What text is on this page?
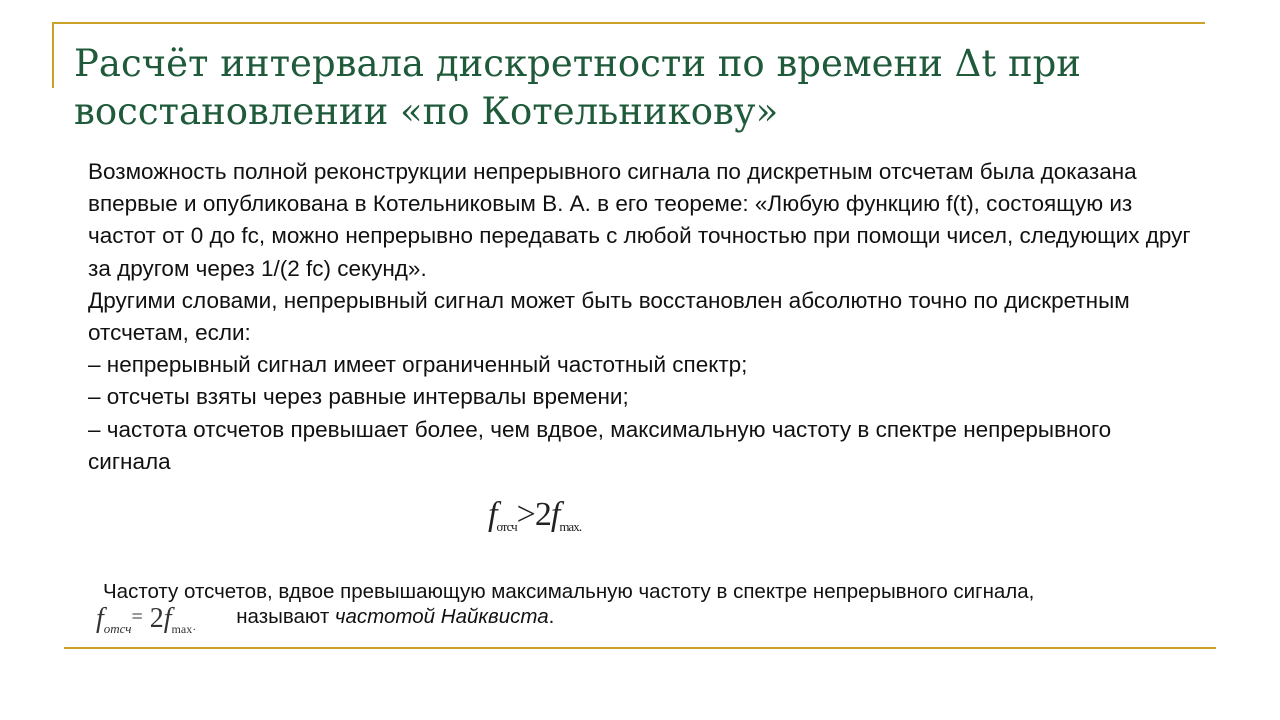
Расчёт интервала дискретности по времени Δt при восстановлении «по Котельникову»

Возможность полной реконструкции непрерывного сигнала по дискретным отсчетам была доказана впервые и опубликована в Котельниковым В. А. в его теореме: «Любую функцию f(t), состоящую из частот от 0 до fc, можно непрерывно передавать с любой точностью при помощи чисел, следующих друг за другом через 1/(2 fc) секунд».

Другими словами, непрерывный сигнал может быть восстановлен абсолютно точно по дискретным отсчетам, если:

– непрерывный сигнал имеет ограниченный частотный спектр;

– отсчеты взяты через равные интервалы времени;

– частота отсчетов превышает более, чем вдвое, максимальную частоту в спектре непрерывного сигнала

$f_{отсч}>2f_{max}$.
Частоту отсчетов, вдвое превышающую максимальную частоту в спектре непрерывного сигнала,
$f_{отсч}=$ $2f_{max\cdot}называют$ частотой Найквиста.
